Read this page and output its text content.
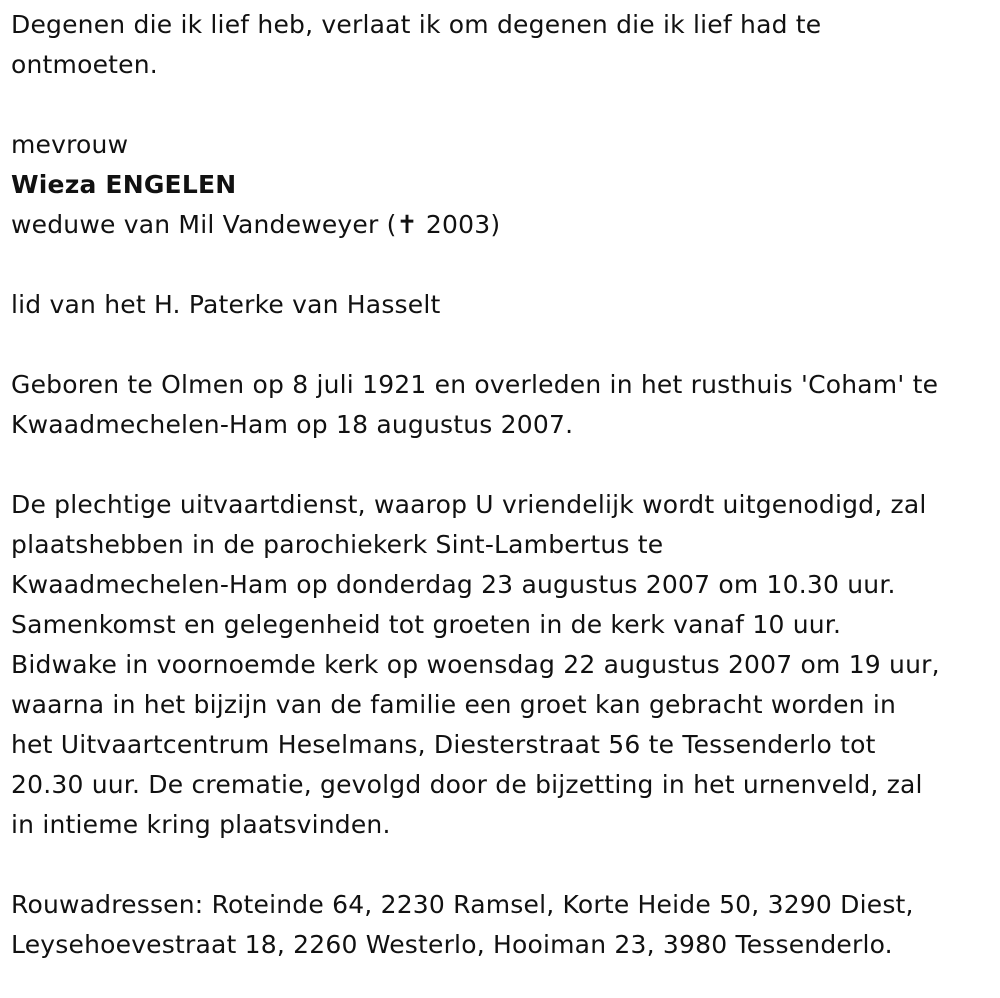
Degenen die ik lief heb, verlaat ik om degenen die ik lief had te
ontmoeten.
mevrouw
Wieza ENGELEN
weduwe van Mil Vandeweyer (✝ 2003)
lid van het H. Paterke van Hasselt
Geboren te Olmen op 8 juli 1921 en overleden in het rusthuis 'Coham' te
Kwaadmechelen-Ham op 18 augustus 2007.
De plechtige uitvaartdienst, waarop U vriendelijk wordt uitgenodigd, zal
plaatshebben in de parochiekerk Sint-Lambertus te
Kwaadmechelen-Ham op donderdag 23 augustus 2007 om 10.30 uur.
Samenkomst en gelegenheid tot groeten in de kerk vanaf 10 uur.
Bidwake in voornoemde kerk op woensdag 22 augustus 2007 om 19 uur,
waarna in het bijzijn van de familie een groet kan gebracht worden in
het Uitvaartcentrum Heselmans, Diesterstraat 56 te Tessenderlo tot
20.30 uur. De crematie, gevolgd door de bijzetting in het urnenveld, zal
in intieme kring plaatsvinden.
Rouwadressen: Roteinde 64, 2230 Ramsel, Korte Heide 50, 3290 Diest,
Leysehoevestraat 18, 2260 Westerlo, Hooiman 23, 3980 Tessenderlo.
